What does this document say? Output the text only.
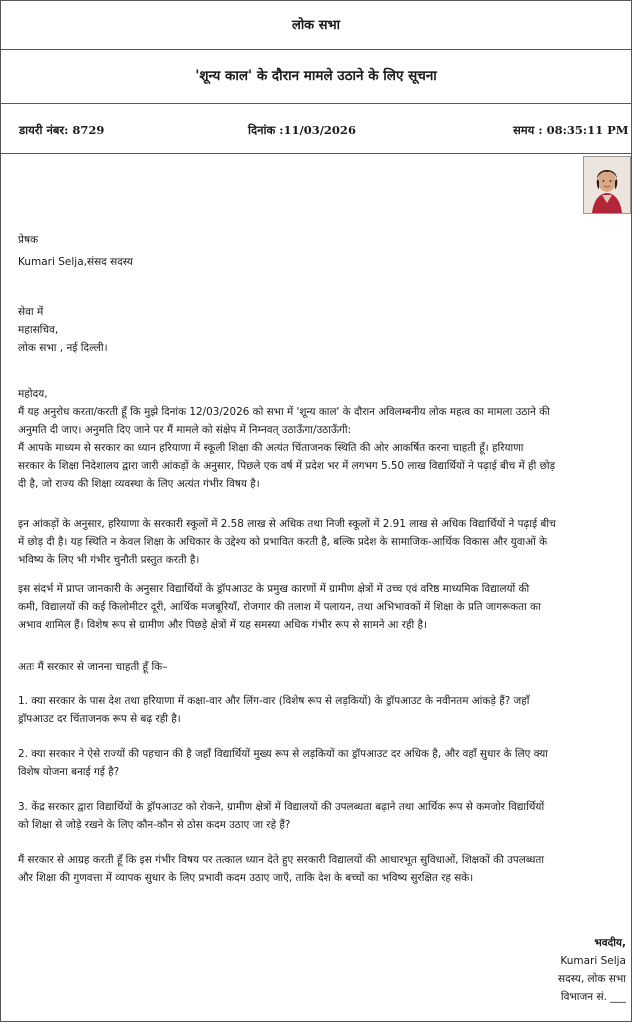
लोक सभा
'शून्य काल' के दौरान मामले उठाने के लिए सूचना
डायरी नंबर: 8729	दिनांक :11/03/2026	समय : 08:35:11 PM
प्रेषक
Kumari Selja,संसद सदस्य
सेवा में
महासचिव,
लोक सभा , नई दिल्ली।
महोदय,
मैं यह अनुरोध करता/करती हूँ कि मुझे दिनांक 12/03/2026 को सभा में 'शून्य काल' के दौरान अविलम्बनीय लोक महत्व का मामला उठाने की
अनुमति दी जाए। अनुमति दिए जाने पर मैं मामले को संक्षेप में निम्नवत् उठाऊँगा/उठाऊँगी:
मैं आपके माध्यम से सरकार का ध्यान हरियाणा में स्कूली शिक्षा की अत्यंत चिंताजनक स्थिति की ओर आकर्षित करना चाहती हूँ। हरियाणा
सरकार के शिक्षा निदेशालय द्वारा जारी आंकड़ों के अनुसार, पिछले एक वर्ष में प्रदेश भर में लगभग 5.50 लाख विद्यार्थियों ने पढ़ाई बीच में ही छोड़
दी है, जो राज्य की शिक्षा व्यवस्था के लिए अत्यंत गंभीर विषय है।
इन आंकड़ों के अनुसार, हरियाणा के सरकारी स्कूलों में 2.58 लाख से अधिक तथा निजी स्कूलों में 2.91 लाख से अधिक विद्यार्थियों ने पढ़ाई बीच
में छोड़ दी है। यह स्थिति न केवल शिक्षा के अधिकार के उद्देश्य को प्रभावित करती है, बल्कि प्रदेश के सामाजिक-आर्थिक विकास और युवाओं के
भविष्य के लिए भी गंभीर चुनौती प्रस्तुत करती है।
इस संदर्भ में प्राप्त जानकारी के अनुसार विद्यार्थियों के ड्रॉपआउट के प्रमुख कारणों में ग्रामीण क्षेत्रों में उच्च एवं वरिष्ठ माध्यमिक विद्यालयों की
कमी, विद्यालयों की कई किलोमीटर दूरी, आर्थिक मजबूरियाँ, रोजगार की तलाश में पलायन, तथा अभिभावकों में शिक्षा के प्रति जागरूकता का
अभाव शामिल हैं। विशेष रूप से ग्रामीण और पिछड़े क्षेत्रों में यह समस्या अधिक गंभीर रूप से सामने आ रही है।
अतः मैं सरकार से जानना चाहती हूँ कि–
1. क्या सरकार के पास देश तथा हरियाणा में कक्षा-वार और लिंग-वार (विशेष रूप से लड़कियों) के ड्रॉपआउट के नवीनतम आंकड़े हैं? जहाँ
ड्रॉपआउट दर चिंताजनक रूप से बढ़ रही है।
2. क्या सरकार ने ऐसे राज्यों की पहचान की है जहाँ विद्यार्थियों मुख्य रूप से लड़कियों का ड्रॉपआउट दर अधिक है, और वहाँ सुधार के लिए क्या
विशेष योजना बनाई गई है?
3. केंद्र सरकार द्वारा विद्यार्थियों के ड्रॉपआउट को रोकने, ग्रामीण क्षेत्रों में विद्यालयों की उपलब्धता बढ़ाने तथा आर्थिक रूप से कमजोर विद्यार्थियों
को शिक्षा से जोड़े रखने के लिए कौन-कौन से ठोस कदम उठाए जा रहे हैं?
मैं सरकार से आग्रह करती हूँ कि इस गंभीर विषय पर तत्काल ध्यान देते हुए सरकारी विद्यालयों की आधारभूत सुविधाओं, शिक्षकों की उपलब्धता
और शिक्षा की गुणवत्ता में व्यापक सुधार के लिए प्रभावी कदम उठाए जाएँ, ताकि देश के बच्चों का भविष्य सुरक्षित रह सके।
भवदीय,
Kumari Selja
सदस्य, लोक सभा
विभाजन सं. ___
